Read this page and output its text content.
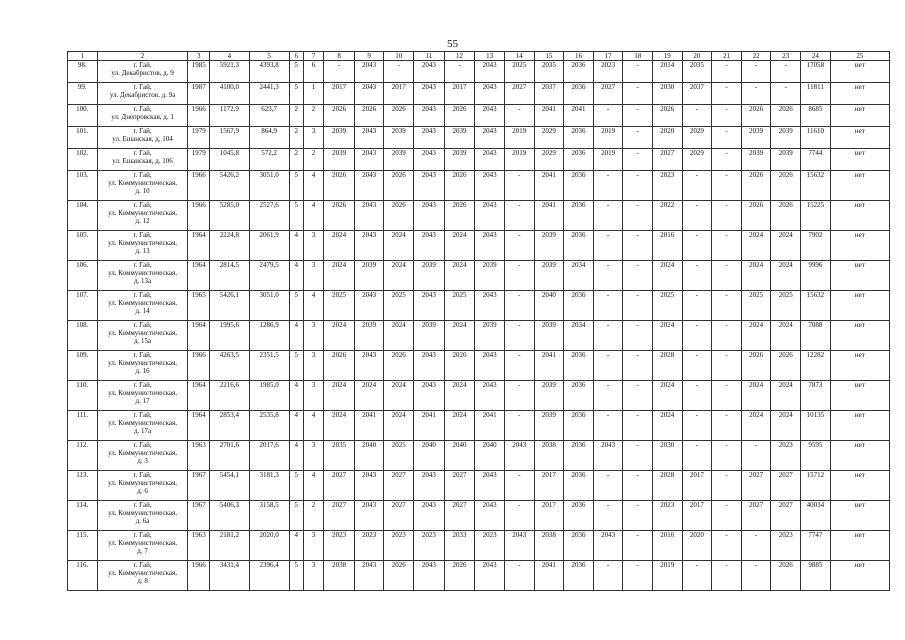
55
1	2	3	4	5	6	7	8	9	10	11	12	13	14	15	16	17	18	19	20	21	22	23	24	25
98.	г. Гай,
ул. Декабристов, д. 9	1985	5921,3	4393,8	5	6	-	2043	-	2043	-	2043	2025	2035	2036	2023	-	2014	2035	-	-	-	17058	нет
99.	г. Гай,
ул. Декабристов, д. 9а	1987	4100,0	2441,3	5	1	2017	2043	2017	2043	2017	2043	2027	2037	2036	2027	-	2030	2037	-	-	-	11811	нет
100.	г. Гай,
ул. Днепровская, д. 1	1966	1172,9	623,7	2	2	2026	2026	2026	2043	2026	2043	-	2041	2041	-	-	2026	-	-	2026	2026	8685	нет
101.	г. Гай,
ул. Ешанская, д. 104	1979	1567,9	864,9	2	3	2039	2043	2039	2043	2039	2043	2019	2029	2036	2019	-	2020	2029	-	2039	2039	11610	нет
102.	г. Гай,
ул. Ешанская, д. 106	1979	1045,8	572,2	2	2	2039	2043	2039	2043	2039	2043	2019	2029	2036	2019	-	2027	2029	-	2039	2039	7744	нет
103.	г. Гай,
ул. Коммунистическая,
д. 10	1966	5426,2	3051,0	5	4	2026	2043	2026	2043	2026	2043	-	2041	2036	-	-	2023	-	-	2026	2026	15632	нет
104.	г. Гай,
ул. Коммунистическая,
д. 12	1966	5285,0	2527,6	5	4	2026	2043	2026	2043	2026	2043	-	2041	2036	-	-	2022	-	-	2026	2026	15225	нет
105.	г. Гай,
ул. Коммунистическая,
д. 13	1964	2224,8	2061,9	4	3	2024	2043	2024	2043	2024	2043	-	2039	2036	-	-	2016	-	-	2024	2024	7902	нет
106.	г. Гай,
ул. Коммунистическая,
д. 13а	1964	2814,5	2479,5	4	3	2024	2039	2024	2039	2024	2039	-	2039	2034	-	-	2024	-	-	2024	2024	9996	нет
107.	г. Гай,
ул. Коммунистическая,
д. 14	1965	5426,1	3051,0	5	4	2025	2043	2025	2043	2025	2043	-	2040	2036	-	-	2025	-	-	2025	2025	15632	нет
108.	г. Гай,
ул. Коммунистическая,
д. 15а	1964	1995,6	1286,9	4	3	2024	2039	2024	2039	2024	2039	-	2039	2034	-	-	2024	-	-	2024	2024	7088	нет
109.	г. Гай,
ул. Коммунистическая,
д. 16	1966	4263,5	2351,5	5	3	2026	2043	2026	2043	2026	2043	-	2041	2036	-	-	2028	-	-	2026	2026	12282	нет
110.	г. Гай,
ул. Коммунистическая,
д. 17	1964	2216,6	1985,0	4	3	2024	2024	2024	2043	2024	2043	-	2039	2036	-	-	2024	-	-	2024	2024	7873	нет
111.	г. Гай,
ул. Коммунистическая,
д. 17а	1964	2853,4	2535,8	4	4	2024	2041	2024	2041	2024	2041	-	2039	2036	-	-	2024	-	-	2024	2024	10135	нет
112.	г. Гай,
ул. Коммунистическая,
д. 3	1963	2701,6	2017,6	4	3	2035	2040	2025	2040	2040	2040	2043	2038	2036	2043	-	2030	-	-	-	2023	9595	нет
113.	г. Гай,
ул. Коммунистическая,
д. 6	1967	5454,1	3181,3	5	4	2027	2043	2027	2043	2027	2043	-	2017	2036	-	-	2028	2017	-	2027	2027	15712	нет
114.	г. Гай,
ул. Коммунистическая,
д. 6а	1967	5406,3	3158,5	5	2	2027	2043	2027	2043	2027	2043	-	2017	2036	-	-	2023	2017	-	2027	2027	40034	нет
115.	г. Гай,
ул. Коммунистическая,
д. 7	1963	2181,2	2020,0	4	3	2023	2023	2023	2023	2033	2023	2043	2038	2036	2043	-	2016	2020	-	-	2023	7747	нет
116.	г. Гай,
ул. Коммунистическая,
д. 8	1966	3431,4	2396,4	5	3	2038	2043	2026	2043	2026	2043	-	2041	2036	-	-	2019	-	-	-	2026	9885	нет
